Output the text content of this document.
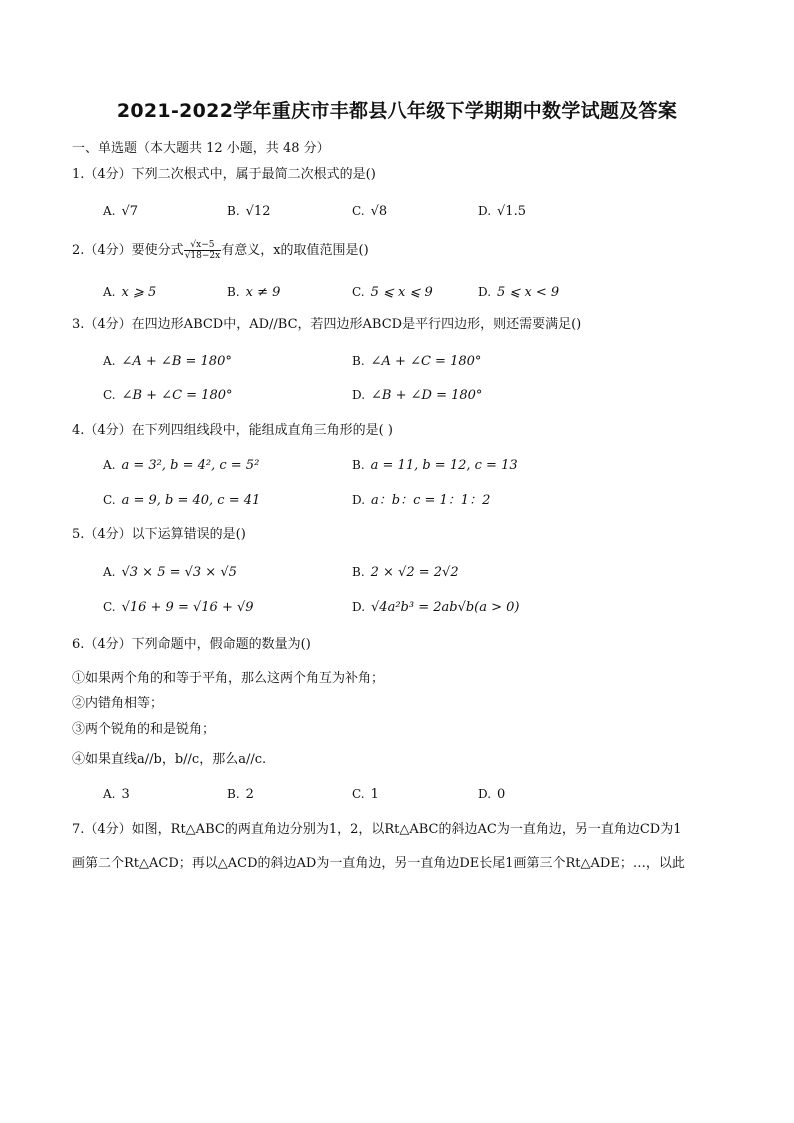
2021-2022学年重庆市丰都县八年级下学期期中数学试题及答案
一、单选题（本大题共 12 小题，共 48 分）
1.（4分）下列二次根式中，属于最简二次根式的是()
A. √7	B. √12	C. √8	D. √1.5
2.（4分）要使分式 $\frac{√x-5}{√18-2x}$ 有意义，x的取值范围是()
A. x ⩾ 5	B. x ≠ 9	C. 5 ⩽ x ⩽ 9	D. 5 ⩽ x < 9
3.（4分）在四边形ABCD中，AD//BC，若四边形ABCD是平行四边形，则还需要满足()
A. ∠A + ∠B = 180°	B. ∠A + ∠C = 180°
C. ∠B + ∠C = 180°	D. ∠B + ∠D = 180°
4.（4分）在下列四组线段中，能组成直角三角形的是( )
A. a = 3², b = 4², c = 5²	B. a = 11, b = 12, c = 13
C. a = 9, b = 40, c = 41	D. a：b：c = 1：1：2
5.（4分）以下运算错误的是()
A. √3 × 5 = √3 × √5	B. 2 × √2 = 2√2
C. √16 + 9 = √16 + √9	D. √4a²b³ = 2ab√b(a > 0)
6.（4分）下列命题中，假命题的数量为()
①如果两个角的和等于平角，那么这两个角互为补角；
②内错角相等；
③两个锐角的和是锐角；
④如果直线a//b，b//c，那么a//c.
A. 3	B. 2	C. 1	D. 0
7.（4分）如图，Rt△ABC的两直角边分别为1，2，以Rt△ABC的斜边AC为一直角边，另一直角边CD为1
画第二个Rt△ACD；再以△ACD的斜边AD为一直角边，另一直角边DE长尾1画第三个Rt△ADE；…，以此
